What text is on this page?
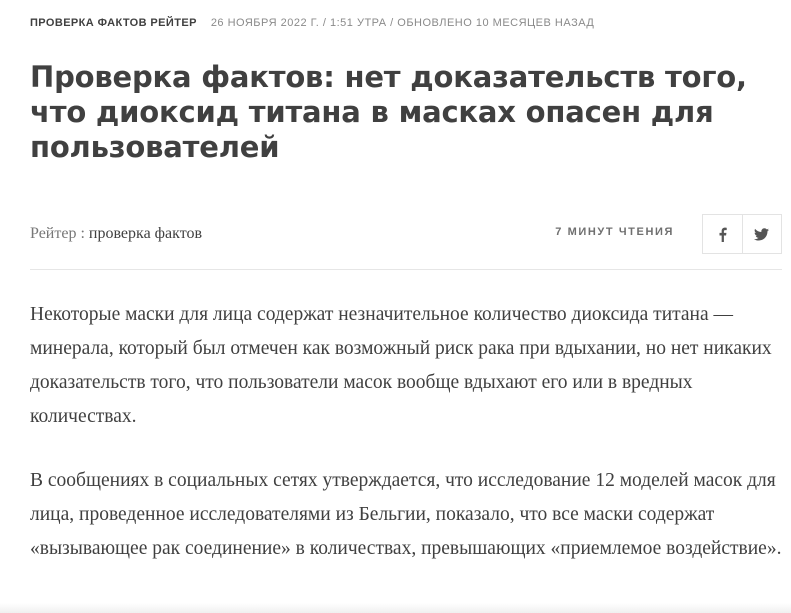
ПРОВЕРКА ФАКТОВ РЕЙТЕР 26 НОЯБРЯ 2022 Г. / 1:51 УТРА / ОБНОВЛЕНО 10 МЕСЯЦЕВ НАЗАД
Проверка фактов: нет доказательств того, что диоксид титана в масках опасен для пользователей
Рейтер : проверка фактов	7 МИНУТ ЧТЕНИЯ

Некоторые маски для лица содержат незначительное количество диоксида титана — минерала, который был отмечен как возможный риск рака при вдыхании, но нет никаких доказательств того, что пользователи масок вообще вдыхают его или в вредных количествах.

В сообщениях в социальных сетях утверждается, что исследование 12 моделей масок для лица, проведенное исследователями из Бельгии, показало, что все маски содержат «вызывающее рак соединение» в количествах, превышающих «приемлемое воздействие».
